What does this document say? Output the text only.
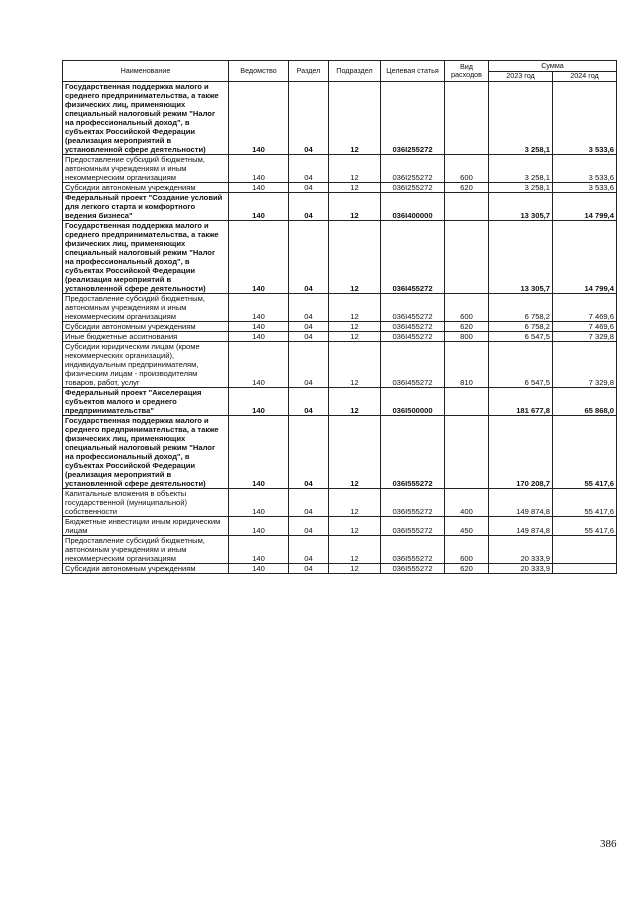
Наименование	Ведомство	Раздел	Подраздел	Целевая статья	Вид расходов	Сумма	
						2023 год	2024 год
Государственная поддержка малого и среднего предпринимательства, а также физических лиц, применяющих специальный налоговый режим "Налог на профессиональный доход", в субъектах Российской Федерации (реализация мероприятий в установленной сфере деятельности)	140	04	12	036I255272		3 258,1	3 533,6
Предоставление субсидий бюджетным, автономным учреждениям и иным некоммерческим организациям	140	04	12	036I255272	600	3 258,1	3 533,6
Субсидии автономным учреждениям	140	04	12	036I255272	620	3 258,1	3 533,6
Федеральный проект "Создание условий для легкого старта и комфортного ведения бизнеса"	140	04	12	036I400000		13 305,7	14 799,4
Государственная поддержка малого и среднего предпринимательства, а также физических лиц, применяющих специальный налоговый режим "Налог на профессиональный доход", в субъектах Российской Федерации (реализация мероприятий в установленной сфере деятельности)	140	04	12	036I455272		13 305,7	14 799,4
Предоставление субсидий бюджетным, автономным учреждениям и иным некоммерческим организациям	140	04	12	036I455272	600	6 758,2	7 469,6
Субсидии автономным учреждениям	140	04	12	036I455272	620	6 758,2	7 469,6
Иные бюджетные ассигнования	140	04	12	036I455272	800	6 547,5	7 329,8
Субсидии юридическим лицам (кроме некоммерческих организаций), индивидуальным предпринимателям, физическим лицам - производителям товаров, работ, услуг	140	04	12	036I455272	810	6 547,5	7 329,8
Федеральный проект "Акселерация субъектов малого и среднего предпринимательства"	140	04	12	036I500000		181 677,8	65 868,0
Государственная поддержка малого и среднего предпринимательства, а также физических лиц, применяющих специальный налоговый режим "Налог на профессиональный доход", в субъектах Российской Федерации (реализация мероприятий в установленной сфере деятельности)	140	04	12	036I555272		170 208,7	55 417,6
Капитальные вложения в объекты государственной (муниципальной) собственности	140	04	12	036I555272	400	149 874,8	55 417,6
Бюджетные инвестиции иным юридическим лицам	140	04	12	036I555272	450	149 874,8	55 417,6
Предоставление субсидий бюджетным, автономным учреждениям и иным некоммерческим организациям	140	04	12	036I555272	600	20 333,9	
Субсидии автономным учреждениям	140	04	12	036I555272	620	20 333,9	
386
